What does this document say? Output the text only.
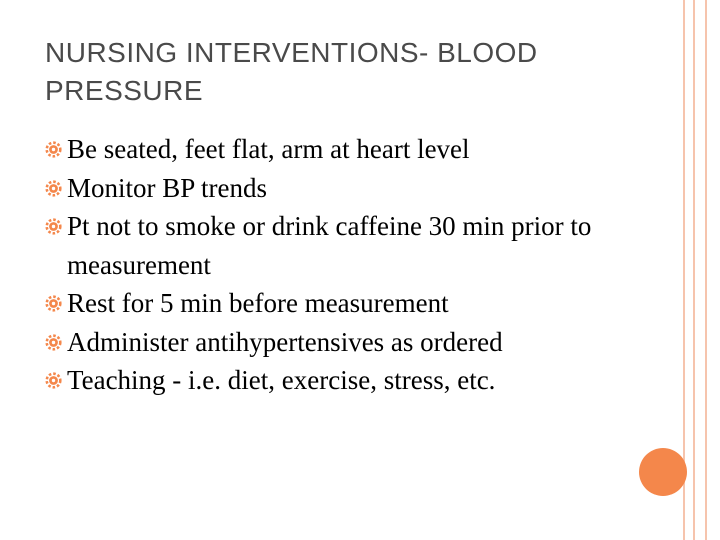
NURSING INTERVENTIONS- BLOOD PRESSURE
Be seated, feet flat, arm at heart level
Monitor BP trends
Pt not to smoke or drink caffeine 30 min prior to measurement
Rest for 5 min before measurement
Administer antihypertensives as ordered
Teaching - i.e. diet, exercise, stress, etc.
